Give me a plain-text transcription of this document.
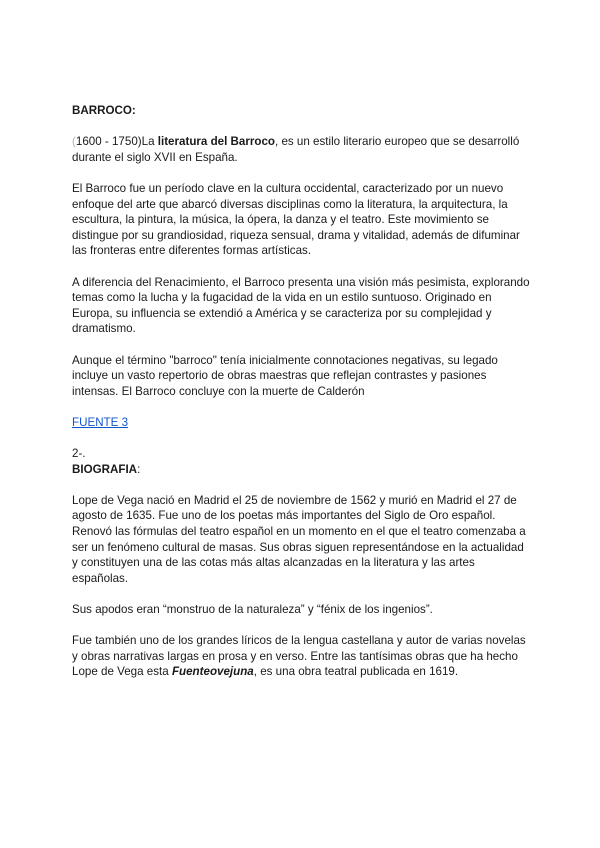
BARROCO:

(1600 - 1750)La literatura del Barroco, es un estilo literario europeo que se desarrolló durante el siglo XVII en España.

El Barroco fue un período clave en la cultura occidental, caracterizado por un nuevo enfoque del arte que abarcó diversas disciplinas como la literatura, la arquitectura, la escultura, la pintura, la música, la ópera, la danza y el teatro. Este movimiento se distingue por su grandiosidad, riqueza sensual, drama y vitalidad, además de difuminar las fronteras entre diferentes formas artísticas.

A diferencia del Renacimiento, el Barroco presenta una visión más pesimista, explorando temas como la lucha y la fugacidad de la vida en un estilo suntuoso. Originado en Europa, su influencia se extendió a América y se caracteriza por su complejidad y dramatismo.

Aunque el término "barroco" tenía inicialmente connotaciones negativas, su legado incluye un vasto repertorio de obras maestras que reflejan contrastes y pasiones intensas. El Barroco concluye con la muerte de Calderón

FUENTE 3

2-.

BIOGRAFIA:

Lope de Vega nació en Madrid el 25 de noviembre de 1562 y murió en Madrid el 27 de agosto de 1635. Fue uno de los poetas más importantes del Siglo de Oro español.

Renovó las fórmulas del teatro español en un momento en el que el teatro comenzaba a ser un fenómeno cultural de masas. Sus obras siguen representándose en la actualidad y constituyen una de las cotas más altas alcanzadas en la literatura y las artes españolas.

Sus apodos eran “monstruo de la naturaleza” y “fénix de los ingenios”.

Fue también uno de los grandes líricos de la lengua castellana y autor de varias novelas y obras narrativas largas en prosa y en verso. Entre las tantísimas obras que ha hecho Lope de Vega esta Fuenteovejuna, es una obra teatral publicada en 1619.
